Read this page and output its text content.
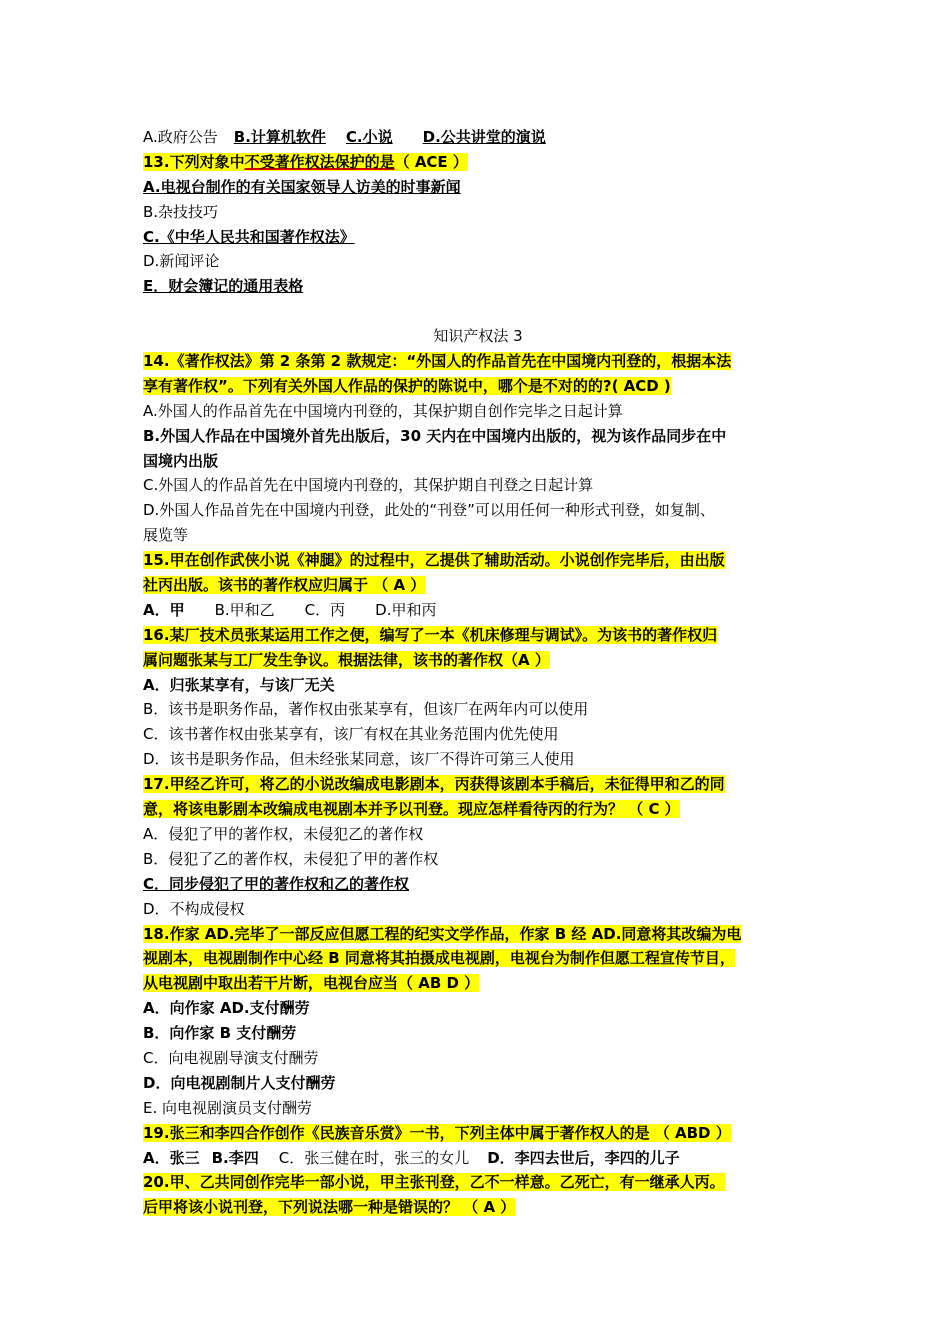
A.政府公告 B.计算机软件 C.小说 D.公共讲堂的演说
13.下列对象中不受著作权法保护的是（ ACE ）
A.电视台制作的有关国家领导人访美的时事新闻
B.杂技技巧
C.《中华人民共和国著作权法》
D.新闻评论
E．财会簿记的通用表格
知识产权法 3
14.《著作权法》第 2 条第 2 款规定：“外国人的作品首先在中国境内刊登的，根据本法
享有著作权”。下列有关外国人作品的保护的陈说中，哪个是不对的的?( ACD )
A.外国人的作品首先在中国境内刊登的，其保护期自创作完毕之日起计算
B.外国人作品在中国境外首先出版后，30 天内在中国境内出版的，视为该作品同步在中
国境内出版
C.外国人的作品首先在中国境内刊登的，其保护期自刊登之日起计算
D.外国人作品首先在中国境内刊登，此处的“刊登”可以用任何一种形式刊登，如复制、
展览等
15.甲在创作武侠小说《神腿》的过程中，乙提供了辅助活动。小说创作完毕后，由出版
社丙出版。该书的著作权应归属于 （ A ）
A．甲 B.甲和乙 C．丙 D.甲和丙
16.某厂技术员张某运用工作之便，编写了一本《机床修理与调试》。为该书的著作权归
属问题张某与工厂发生争议。根据法律，该书的著作权（A ）
A．归张某享有，与该厂无关
B．该书是职务作品，著作权由张某享有，但该厂在两年内可以使用
C．该书著作权由张某享有，该厂有权在其业务范围内优先使用
D．该书是职务作品，但未经张某同意，该厂不得许可第三人使用
17.甲经乙许可，将乙的小说改编成电影剧本，丙获得该剧本手稿后，未征得甲和乙的同
意，将该电影剧本改编成电视剧本并予以刊登。现应怎样看待丙的行为？ （ C ）
A．侵犯了甲的著作权，未侵犯乙的著作权
B．侵犯了乙的著作权，未侵犯了甲的著作权
C．同步侵犯了甲的著作权和乙的著作权
D．不构成侵权
18.作家 AD.完毕了一部反应但愿工程的纪实文学作品，作家 B 经 AD.同意将其改编为电
视剧本，电视剧制作中心经 B 同意将其拍摄成电视剧，电视台为制作但愿工程宣传节目，
从电视剧中取出若干片断，电视台应当（ AB D ）
A．向作家 AD.支付酬劳
B．向作家 B 支付酬劳
C．向电视剧导演支付酬劳
D．向电视剧制片人支付酬劳
E. 向电视剧演员支付酬劳
19.张三和李四合作创作《民族音乐赏》一书，下列主体中属于著作权人的是 （ ABD ）
A．张三 B.李四 C．张三健在时，张三的女儿 D．李四去世后，李四的儿子
20.甲、乙共同创作完毕一部小说，甲主张刊登，乙不一样意。乙死亡，有一继承人丙。
后甲将该小说刊登，下列说法哪一种是错误的？ （ A ）
